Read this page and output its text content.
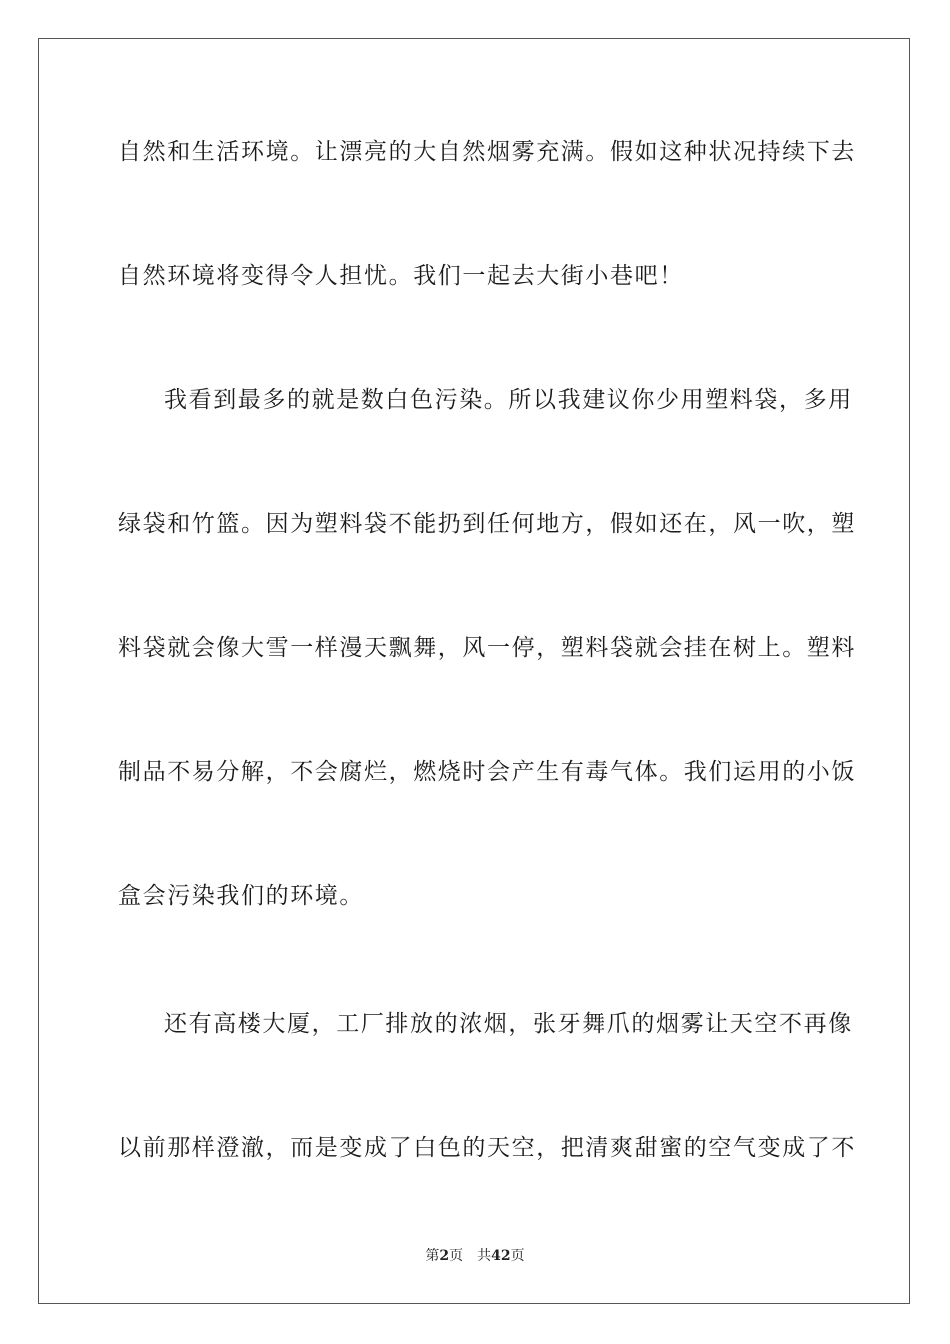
自然和生活环境。让漂亮的大自然烟雾充满。假如这种状况持续下去
自然环境将变得令人担忧。我们一起去大街小巷吧！
我看到最多的就是数白色污染。所以我建议你少用塑料袋，多用
绿袋和竹篮。因为塑料袋不能扔到任何地方，假如还在，风一吹，塑
料袋就会像大雪一样漫天飘舞，风一停，塑料袋就会挂在树上。塑料
制品不易分解，不会腐烂，燃烧时会产生有毒气体。我们运用的小饭
盒会污染我们的环境。
还有高楼大厦，工厂排放的浓烟，张牙舞爪的烟雾让天空不再像
以前那样澄澈，而是变成了白色的天空，把清爽甜蜜的空气变成了不
第2页 共42页
